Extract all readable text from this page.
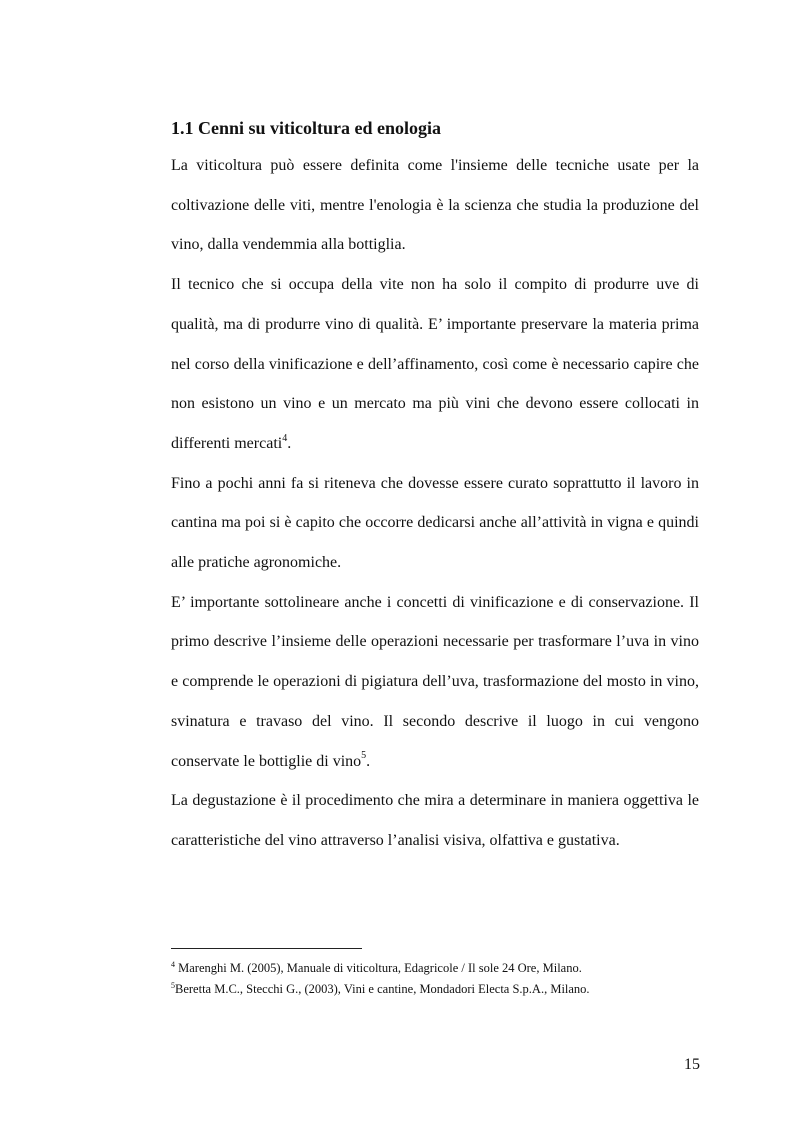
1.1 Cenni su viticoltura ed enologia

La viticoltura può essere definita come l'insieme delle tecniche usate per la coltivazione delle viti, mentre l'enologia è la scienza che studia la produzione del vino, dalla vendemmia alla bottiglia.

Il tecnico che si occupa della vite non ha solo il compito di produrre uve di qualità, ma di produrre vino di qualità. E’ importante preservare la materia prima nel corso della vinificazione e dell’affinamento, così come è necessario capire che non esistono un vino e un mercato ma più vini che devono essere collocati in differenti mercati$^4$.

Fino a pochi anni fa si riteneva che dovesse essere curato soprattutto il lavoro in cantina ma poi si è capito che occorre dedicarsi anche all’attività in vigna e quindi alle pratiche agronomiche.

E’ importante sottolineare anche i concetti di vinificazione e di conservazione. Il primo descrive l’insieme delle operazioni necessarie per trasformare l’uva in vino e comprende le operazioni di pigiatura dell’uva, trasformazione del mosto in vino, svinatura e travaso del vino. Il secondo descrive il luogo in cui vengono conservate le bottiglie di vino$^5$.

La degustazione è il procedimento che mira a determinare in maniera oggettiva le caratteristiche del vino attraverso l’analisi visiva, olfattiva e gustativa.

$^4$ Marenghi M. (2005), Manuale di viticoltura, Edagricole / Il sole 24 Ore, Milano.
$^5$Beretta M.C., Stecchi G., (2003), Vini e cantine, Mondadori Electa S.p.A., Milano.
15
